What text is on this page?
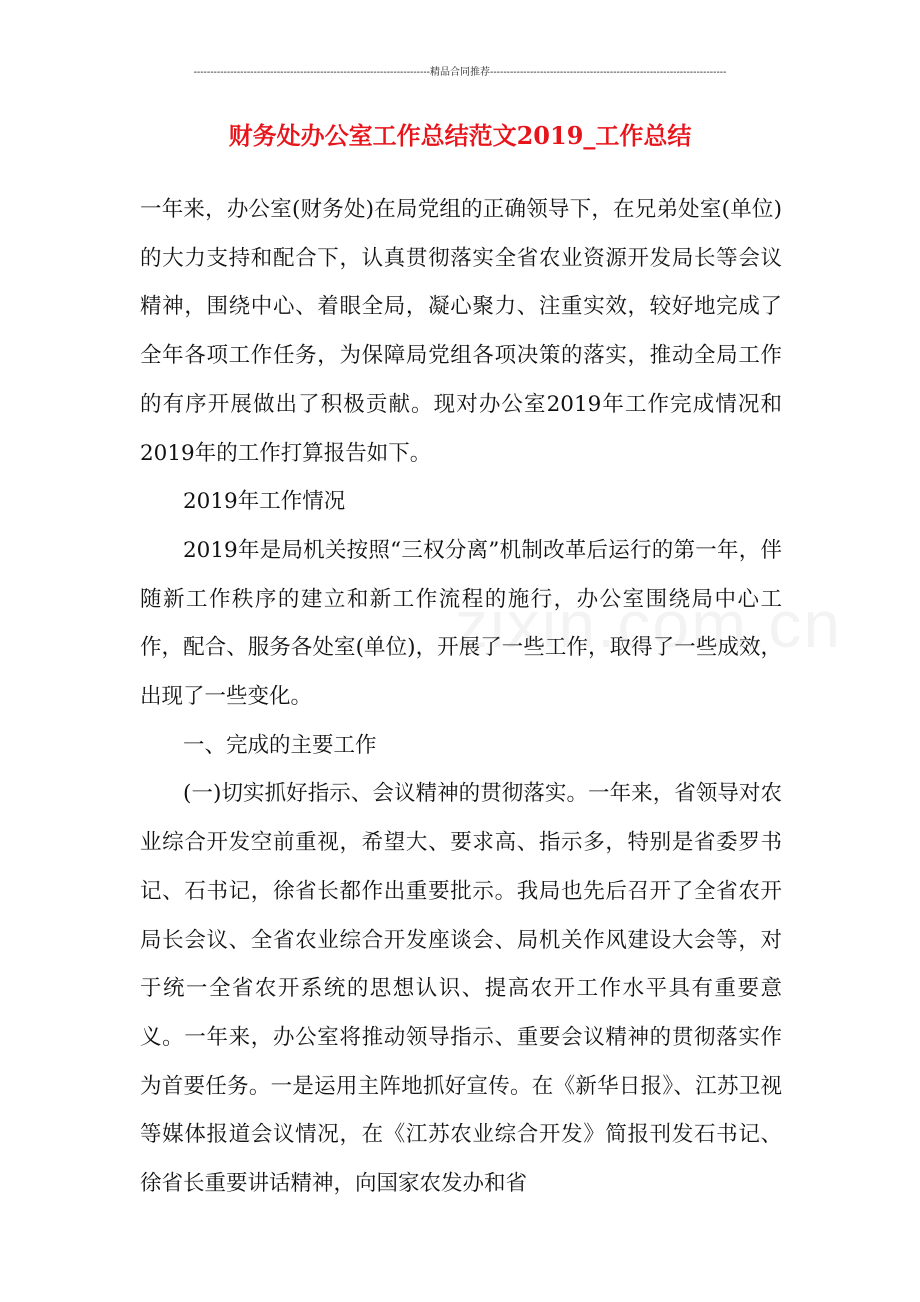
-----------------------------------------------------------------------精品合同推荐-----------------------------------------------------------------------
财务处办公室工作总结范文2019_工作总结

一年来，办公室(财务处)在局党组的正确领导下，在兄弟处室(单位)的大力支持和配合下，认真贯彻落实全省农业资源开发局长等会议精神，围绕中心、着眼全局，凝心聚力、注重实效，较好地完成了全年各项工作任务，为保障局党组各项决策的落实，推动全局工作的有序开展做出了积极贡献。现对办公室2019年工作完成情况和2019年的工作打算报告如下。

2019年工作情况

2019年是局机关按照“三权分离”机制改革后运行的第一年，伴随新工作秩序的建立和新工作流程的施行，办公室围绕局中心工作，配合、服务各处室(单位)，开展了一些工作，取得了一些成效，出现了一些变化。

一、完成的主要工作

(一)切实抓好指示、会议精神的贯彻落实。一年来，省领导对农业综合开发空前重视，希望大、要求高、指示多，特别是省委罗书记、石书记，徐省长都作出重要批示。我局也先后召开了全省农开局长会议、全省农业综合开发座谈会、局机关作风建设大会等，对于统一全省农开系统的思想认识、提高农开工作水平具有重要意义。一年来，办公室将推动领导指示、重要会议精神的贯彻落实作为首要任务。一是运用主阵地抓好宣传。在《新华日报》、江苏卫视等媒体报道会议情况，在《江苏农业综合开发》简报刊发石书记、徐省长重要讲话精神，向国家农发办和省
